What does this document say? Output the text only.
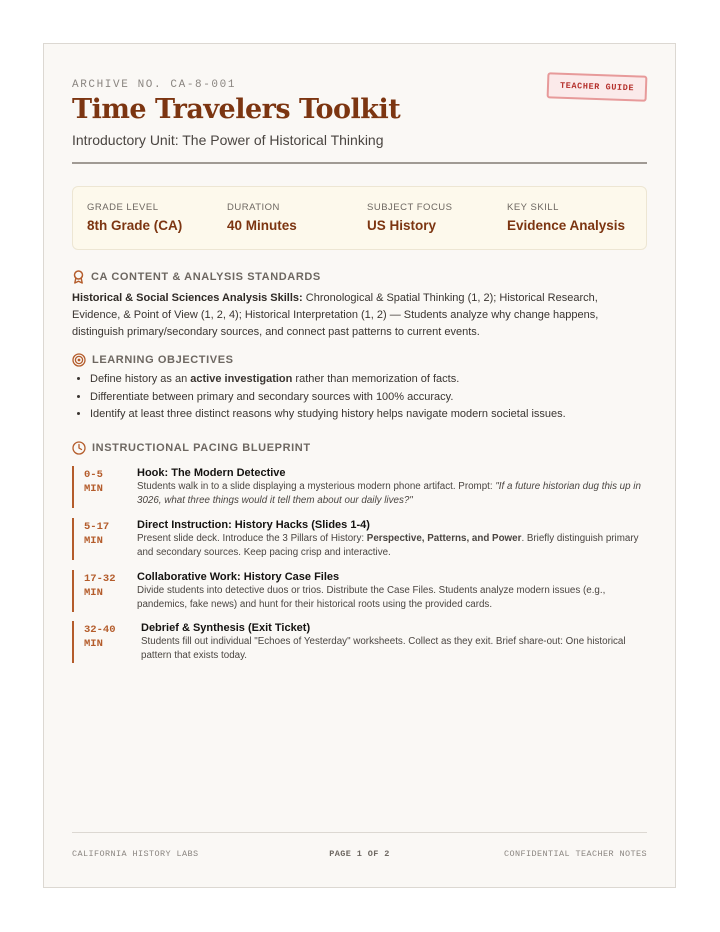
ARCHIVE NO. CA-8-001	TEACHER GUIDE
Time Travelers Toolkit
Introductory Unit: The Power of Historical Thinking
GRADE LEVEL
8th Grade (CA)
DURATION
40 Minutes
SUBJECT FOCUS
US History
KEY SKILL
Evidence Analysis
CA CONTENT & ANALYSIS STANDARDS
Historical & Social Sciences Analysis Skills: Chronological & Spatial Thinking (1, 2); Historical Research, Evidence, & Point of View (1, 2, 4); Historical Interpretation (1, 2) — Students analyze why change happens, distinguish primary/secondary sources, and connect past patterns to current events.
LEARNING OBJECTIVES
• Define history as an active investigation rather than memorization of facts.
• Differentiate between primary and secondary sources with 100% accuracy.
• Identify at least three distinct reasons why studying history helps navigate modern societal issues.
INSTRUCTIONAL PACING BLUEPRINT
0-5
MIN
Hook: The Modern Detective
Students walk in to a slide displaying a mysterious modern phone artifact. Prompt: "If a future historian dug this up in 3026, what three things would it tell them about our daily lives?"
5-17
MIN
Direct Instruction: History Hacks (Slides 1-4)
Present slide deck. Introduce the 3 Pillars of History: Perspective, Patterns, and Power. Briefly distinguish primary and secondary sources. Keep pacing crisp and interactive.
17-32
MIN
Collaborative Work: History Case Files
Divide students into detective duos or trios. Distribute the Case Files. Students analyze modern issues (e.g., pandemics, fake news) and hunt for their historical roots using the provided cards.
32-40
MIN
Debrief & Synthesis (Exit Ticket)
Students fill out individual "Echoes of Yesterday" worksheets. Collect as they exit. Brief share-out: One historical pattern that exists today.
CALIFORNIA HISTORY LABS	PAGE 1 OF 2	CONFIDENTIAL TEACHER NOTES
